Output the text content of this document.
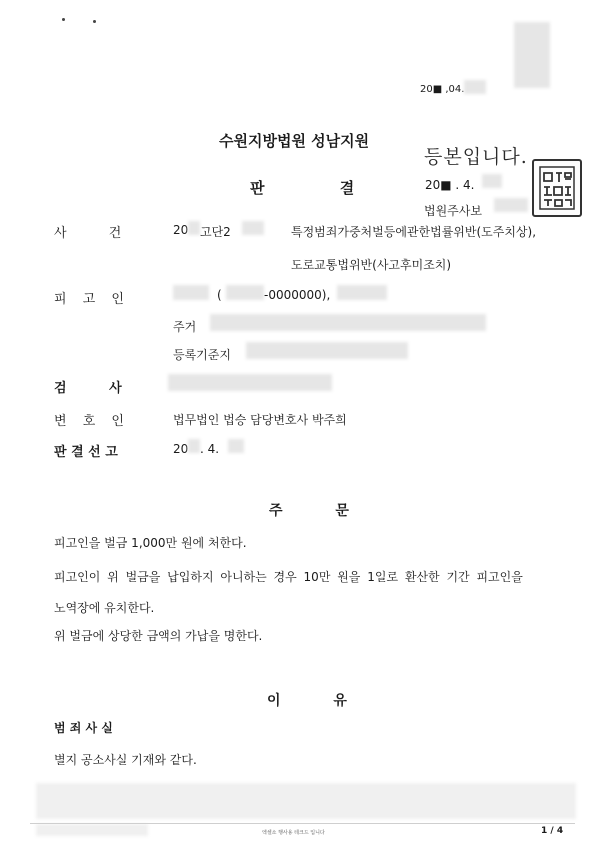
20■ ,04.
수원지방법원 성남지원
등본입니다.
판 결	20■ . 4.
법원주사보
사 건	20 고단2	특정범죄가중처벌등에관한법률위반(도주치상),
도로교통법위반(사고후미조치)
피 고 인	(	-0000000),
주거
등록기준지
검 사
변 호 인	법무법인 법승 담당변호사 박주희
판 결 선 고	20 . 4.
주 문
피고인을 벌금 1,000만 원에 처한다.
피고인이 위 벌금을 납입하지 아니하는 경우 10만 원을 1일로 환산한 기간 피고인을
노역장에 유치한다.
위 벌금에 상당한 금액의 가납을 명한다.
이 유
범 죄 사 실
별지 공소사실 기재와 같다.
엑셀소 행사용 테크드 입니다	1 / 4
